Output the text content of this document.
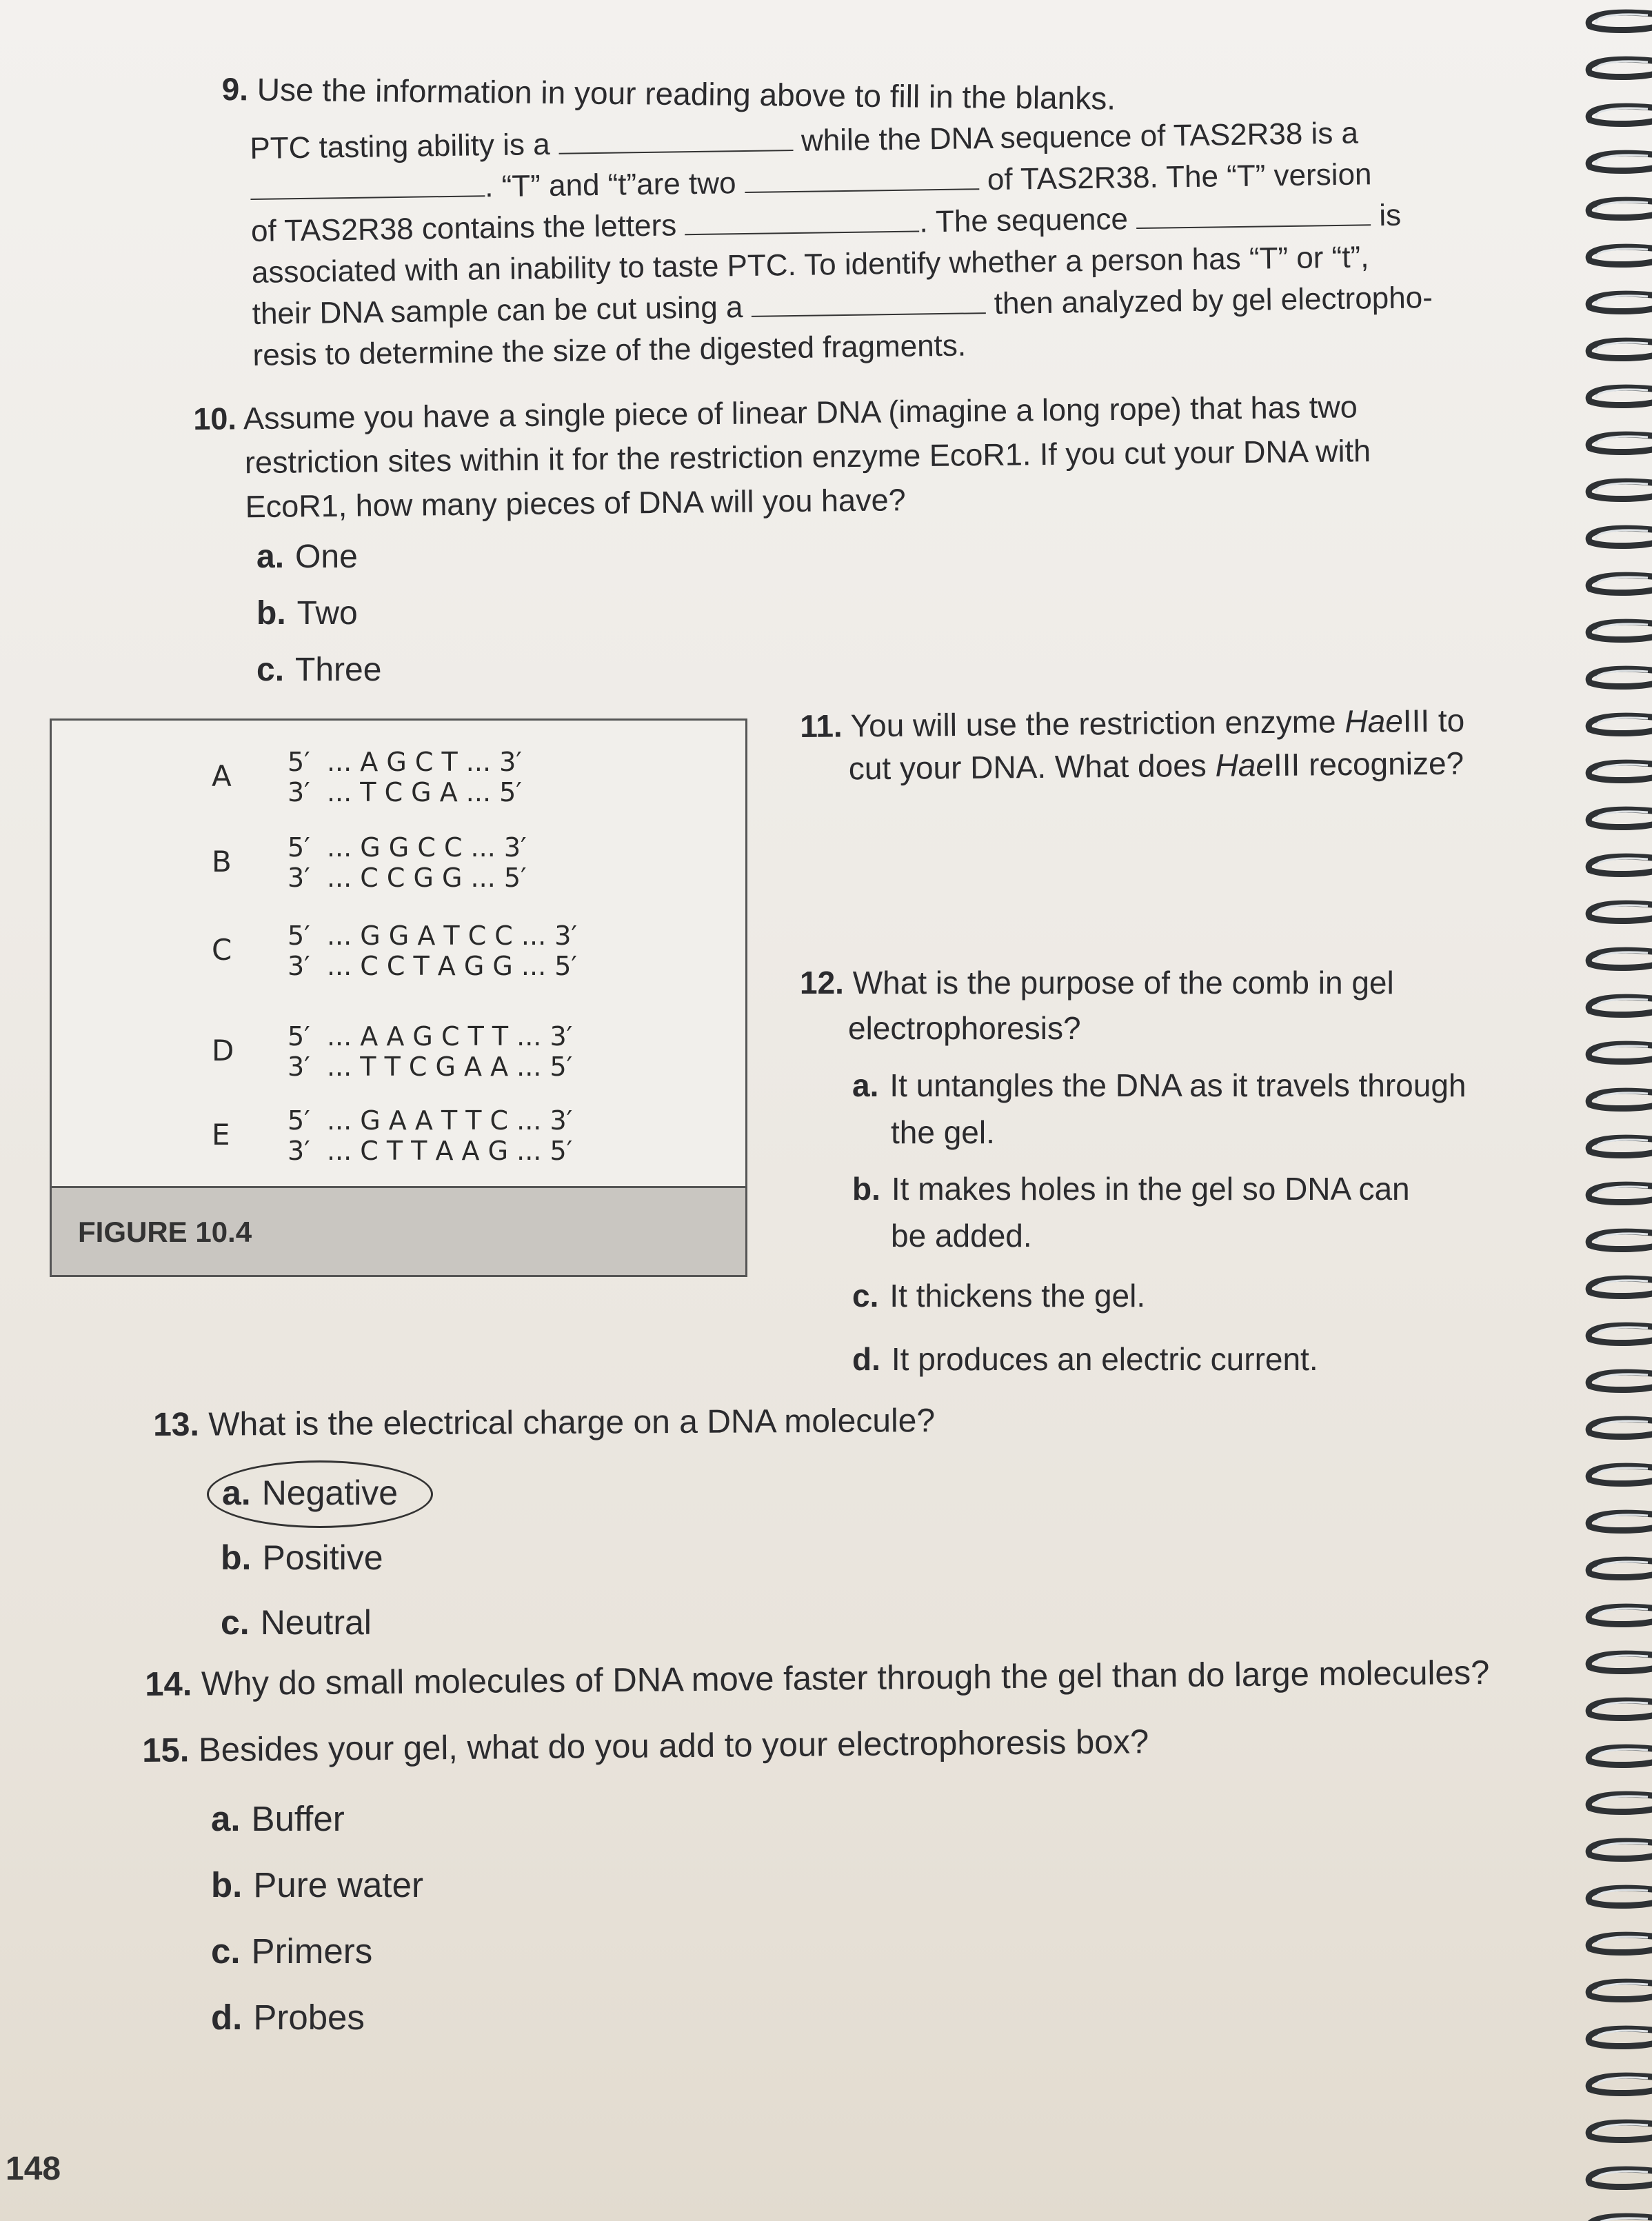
9. Use the information in your reading above to fill in the blanks.
PTC tasting ability is a	while the DNA sequence of TAS2R38 is a
. “T” and “t”are two	of TAS2R38. The “T” version
of TAS2R38 contains the letters	. The sequence	is
associated with an inability to taste PTC. To identify whether a person has “T” or “t”,
their DNA sample can be cut using a	then analyzed by gel electropho-
resis to determine the size of the digested fragments.
10. Assume you have a single piece of linear DNA (imagine a long rope) that has two
restriction sites within it for the restriction enzyme EcoR1. If you cut your DNA with
EcoR1, how many pieces of DNA will you have?
a. One
b. Two
c. Three
A 5′  ... A G C T ... 3′
3′  ... T C G A ... 5′
B 5′  ... G G C C ... 3′
3′  ... C C G G ... 5′
C 5′  ... G G A T C C ... 3′
3′  ... C C T A G G ... 5′
D 5′  ... A A G C T T ... 3′
3′  ... T T C G A A ... 5′
E 5′  ... G A A T T C ... 3′
3′  ... C T T A A G ... 5′
FIGURE 10.4
11. You will use the restriction enzyme HaeIII to
cut your DNA. What does HaeIII recognize?
12. What is the purpose of the comb in gel
electrophoresis?
a. It untangles the DNA as it travels through
the gel.
b. It makes holes in the gel so DNA can
be added.
c. It thickens the gel.
d. It produces an electric current.
13. What is the electrical charge on a DNA molecule?
a. Negative
b. Positive
c. Neutral
14. Why do small molecules of DNA move faster through the gel than do large molecules?
15. Besides your gel, what do you add to your electrophoresis box?
a. Buffer
b. Pure water
c. Primers
d. Probes
148
